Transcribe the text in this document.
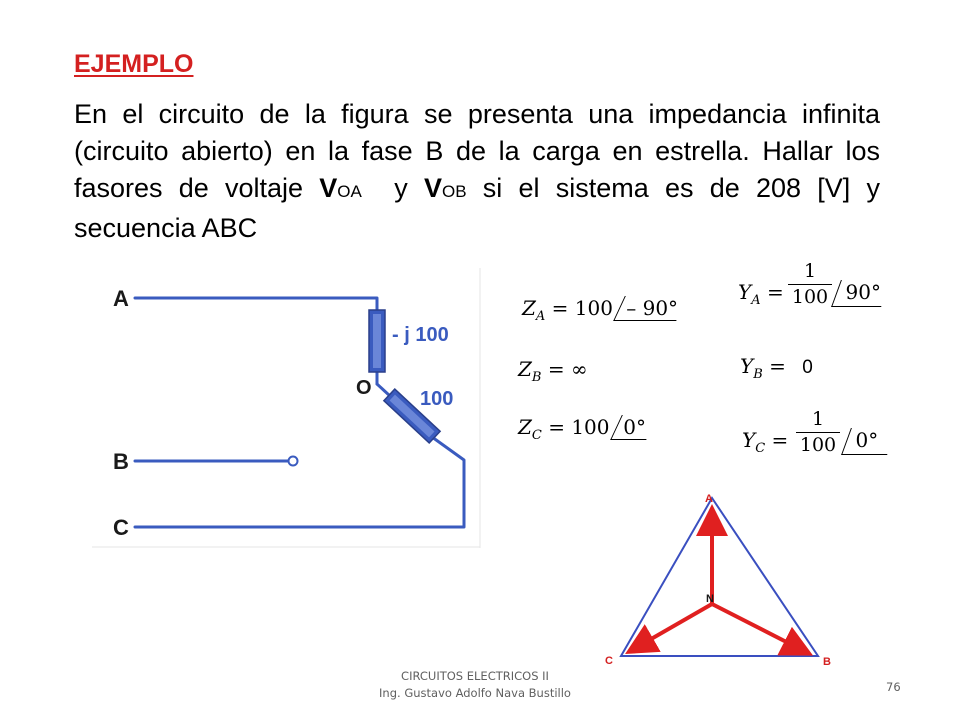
EJEMPLO
En el circuito de la figura se presenta una impedancia infinita (circuito abierto) en la fase B de la carga en estrella. Hallar los fasores de voltaje VOA  y VOB si el sistema es de 208 [V] y secuencia ABC
A
B
C
O
- j 100
100
$Z_A = 100 - 90^\circ$
$Z_B$ = ∞
$Z_C = 100$ 0°
$Y_A = \frac{1}{100} 90^\circ$
$Y_B = 0$
$Y_C = \frac{1}{100} 0^\circ$
A
B
C
N
CIRCUITOS ELECTRICOS II
Ing. Gustavo Adolfo Nava Bustillo	76
